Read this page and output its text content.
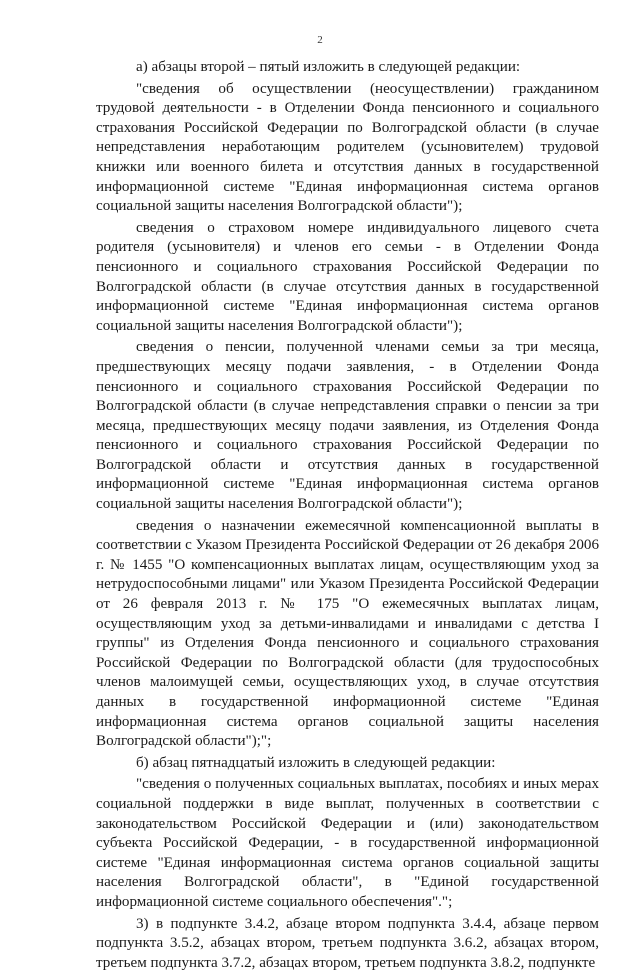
2

а) абзацы второй – пятый изложить в следующей редакции:

"сведения об осуществлении (неосуществлении) гражданином трудовой деятельности - в Отделении Фонда пенсионного и социального страхования Российской Федерации по Волгоградской области (в случае непредставления неработающим родителем (усыновителем) трудовой книжки или военного билета и отсутствия данных в государственной информационной системе "Единая информационная система органов социальной защиты населения Волгоградской области");

сведения о страховом номере индивидуального лицевого счета родителя (усыновителя) и членов его семьи - в Отделении Фонда пенсионного и социального страхования Российской Федерации по Волгоградской области (в случае отсутствия данных в государственной информационной системе "Единая информационная система органов социальной защиты населения Волгоградской области");

сведения о пенсии, полученной членами семьи за три месяца, предшествующих месяцу подачи заявления, - в Отделении Фонда пенсионного и социального страхования Российской Федерации по Волгоградской области (в случае непредставления справки о пенсии за три месяца, предшествующих месяцу подачи заявления, из Отделения Фонда пенсионного и социального страхования Российской Федерации по Волгоградской области и отсутствия данных в государственной информационной системе "Единая информационная система органов социальной защиты населения Волгоградской области");

сведения о назначении ежемесячной компенсационной выплаты в соответствии с Указом Президента Российской Федерации от 26 декабря 2006 г. № 1455 "О компенсационных выплатах лицам, осуществляющим уход за нетрудоспособными лицами" или Указом Президента Российской Федерации от 26 февраля 2013 г. № 175 "О ежемесячных выплатах лицам, осуществляющим уход за детьми-инвалидами и инвалидами с детства I группы" из Отделения Фонда пенсионного и социального страхования Российской Федерации по Волгоградской области (для трудоспособных членов малоимущей семьи, осуществляющих уход, в случае отсутствия данных в государственной информационной системе "Единая информационная система органов социальной защиты населения Волгоградской области");";

б) абзац пятнадцатый изложить в следующей редакции:

"сведения о полученных социальных выплатах, пособиях и иных мерах социальной поддержки в виде выплат, полученных в соответствии с законодательством Российской Федерации и (или) законодательством субъекта Российской Федерации, - в государственной информационной системе "Единая информационная система органов социальной защиты населения Волгоградской области", в "Единой государственной информационной системе социального обеспечения".";

3) в подпункте 3.4.2, абзаце втором подпункта 3.4.4, абзаце первом подпункта 3.5.2, абзацах втором, третьем подпункта 3.6.2, абзацах втором, третьем подпункта 3.7.2, абзацах втором, третьем подпункта 3.8.2, подпункте
